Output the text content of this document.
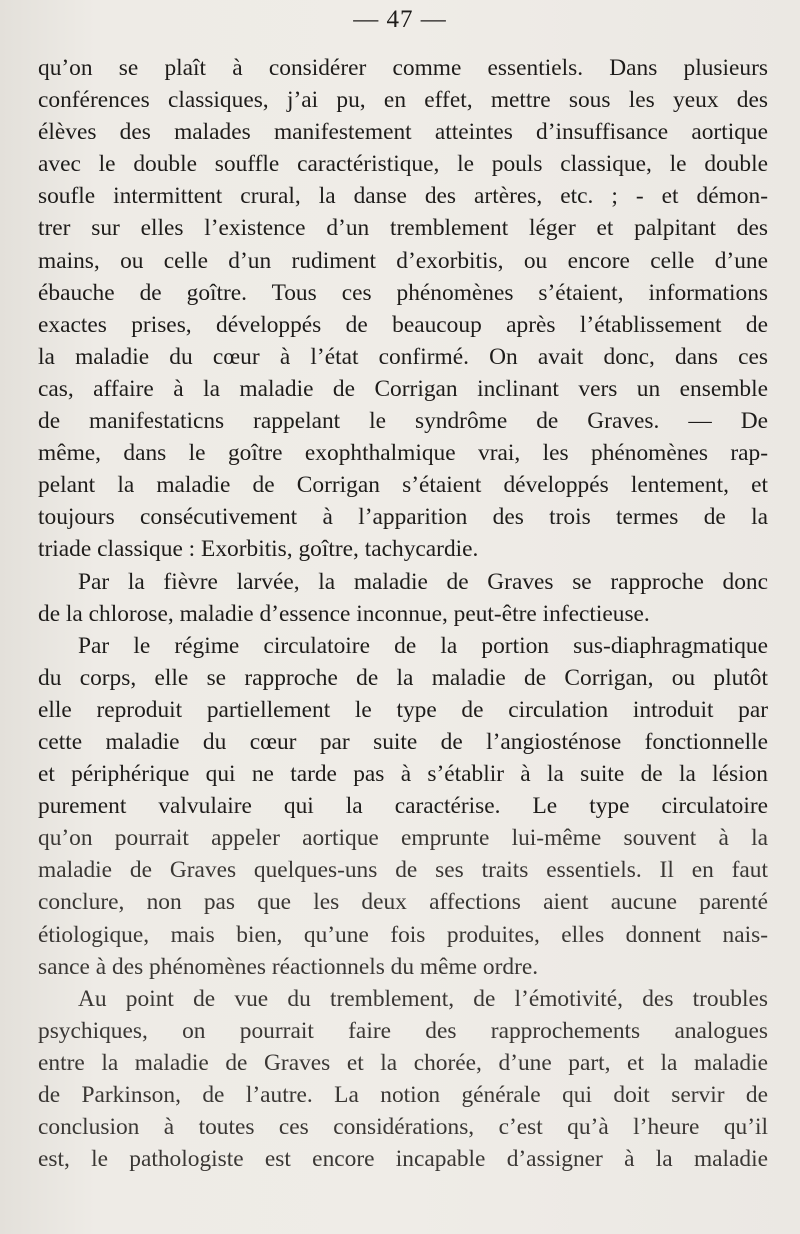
— 47 —
qu’on se plaît à considérer comme essentiels. Dans plusieurs
conférences classiques, j’ai pu, en effet, mettre sous les yeux des
élèves des malades manifestement atteintes d’insuffisance aortique
avec le double souffle caractéristique, le pouls classique, le double
soufle intermittent crural, la danse des artères, etc. ; - et démon-
trer sur elles l’existence d’un tremblement léger et palpitant des
mains, ou celle d’un rudiment d’exorbitis, ou encore celle d’une
ébauche de goître. Tous ces phénomènes s’étaient, informations
exactes prises, développés de beaucoup après l’établissement de
la maladie du cœur à l’état confirmé. On avait donc, dans ces
cas, affaire à la maladie de Corrigan inclinant vers un ensemble
de manifestaticns rappelant le syndrôme de Graves. — De
même, dans le goître exophthalmique vrai, les phénomènes rap-
pelant la maladie de Corrigan s’étaient développés lentement, et
toujours consécutivement à l’apparition des trois termes de la
triade classique : Exorbitis, goître, tachycardie.
Par la fièvre larvée, la maladie de Graves se rapproche donc
de la chlorose, maladie d’essence inconnue, peut-être infectieuse.
Par le régime circulatoire de la portion sus-diaphragmatique
du corps, elle se rapproche de la maladie de Corrigan, ou plutôt
elle reproduit partiellement le type de circulation introduit par
cette maladie du cœur par suite de l’angiosténose fonctionnelle
et périphérique qui ne tarde pas à s’établir à la suite de la lésion
purement valvulaire qui la caractérise. Le type circulatoire
qu’on pourrait appeler aortique emprunte lui-même souvent à la
maladie de Graves quelques-uns de ses traits essentiels. Il en faut
conclure, non pas que les deux affections aient aucune parenté
étiologique, mais bien, qu’une fois produites, elles donnent nais-
sance à des phénomènes réactionnels du même ordre.
Au point de vue du tremblement, de l’émotivité, des troubles
psychiques, on pourrait faire des rapprochements analogues
entre la maladie de Graves et la chorée, d’une part, et la maladie
de Parkinson, de l’autre. La notion générale qui doit servir de
conclusion à toutes ces considérations, c’est qu’à l’heure qu’il
est, le pathologiste est encore incapable d’assigner à la maladie
